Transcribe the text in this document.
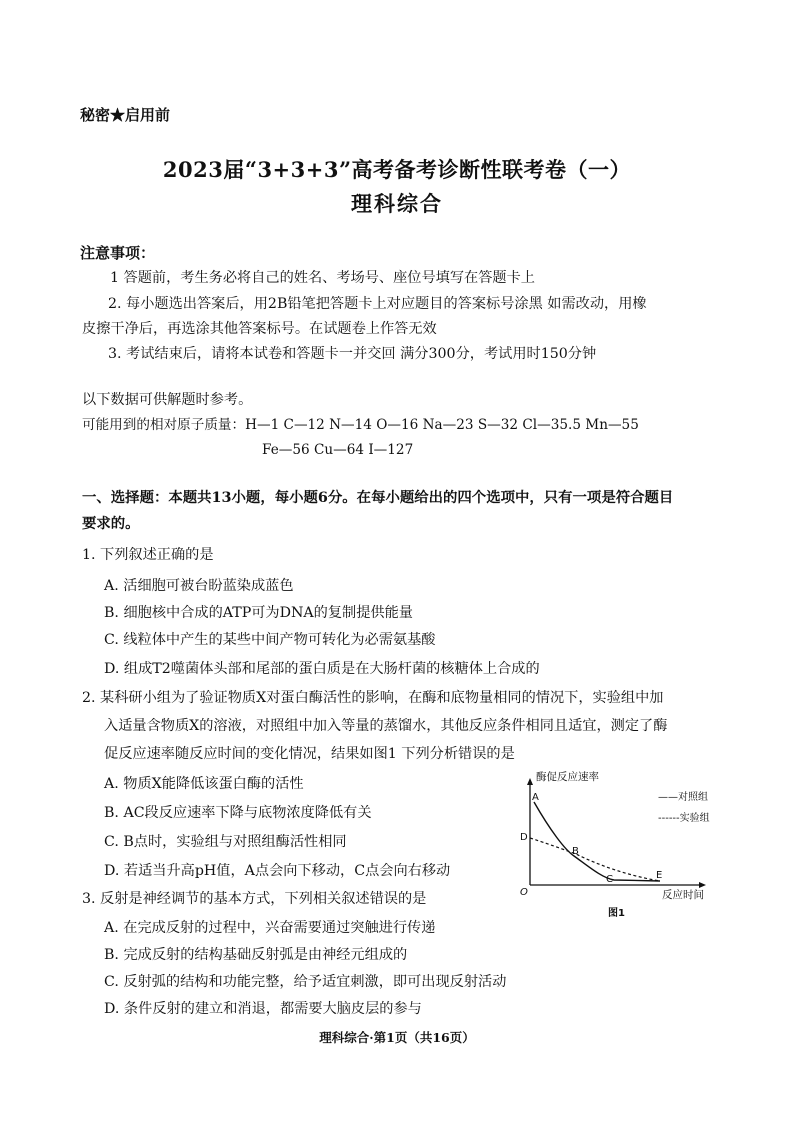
秘密★启用前
2023届“3+3+3”高考备考诊断性联考卷（一）
理科综合
注意事项：
1 答题前，考生务必将自己的姓名、考场号、座位号填写在答题卡上
2. 每小题选出答案后，用2B铅笔把答题卡上对应题目的答案标号涂黑 如需改动，用橡
皮擦干净后，再选涂其他答案标号。在试题卷上作答无效
3. 考试结束后，请将本试卷和答题卡一并交回 满分300分，考试用时150分钟
以下数据可供解题时参考。
可能用到的相对原子质量：H—1 C—12 N—14 O—16 Na—23 S—32 Cl—35.5 Mn—55
Fe—56 Cu—64 I—127
一、选择题：本题共13小题，每小题6分。在每小题给出的四个选项中，只有一项是符合题目
要求的。
1. 下列叙述正确的是
A. 活细胞可被台盼蓝染成蓝色
B. 细胞核中合成的ATP可为DNA的复制提供能量
C. 线粒体中产生的某些中间产物可转化为必需氨基酸
D. 组成T2噬菌体头部和尾部的蛋白质是在大肠杆菌的核糖体上合成的
2. 某科研小组为了验证物质X对蛋白酶活性的影响，在酶和底物量相同的情况下，实验组中加
入适量含物质X的溶液，对照组中加入等量的蒸馏水，其他反应条件相同且适宜，测定了酶
促反应速率随反应时间的变化情况，结果如图1 下列分析错误的是
A. 物质X能降低该蛋白酶的活性
B. AC段反应速率下降与底物浓度降低有关
C. B点时，实验组与对照组酶活性相同
D. 若适当升高pH值，A点会向下移动，C点会向右移动
3. 反射是神经调节的基本方式，下列相关叙述错误的是
A. 在完成反射的过程中，兴奋需要通过突触进行传递
B. 完成反射的结构基础反射弧是由神经元组成的
C. 反射弧的结构和功能完整，给予适宜刺激，即可出现反射活动
D. 条件反射的建立和消退，都需要大脑皮层的参与
酶促反应速率
反应时间
O
A
B
C
D
E
——对照组
------实验组
图1
理科综合·第1页（共16页）
